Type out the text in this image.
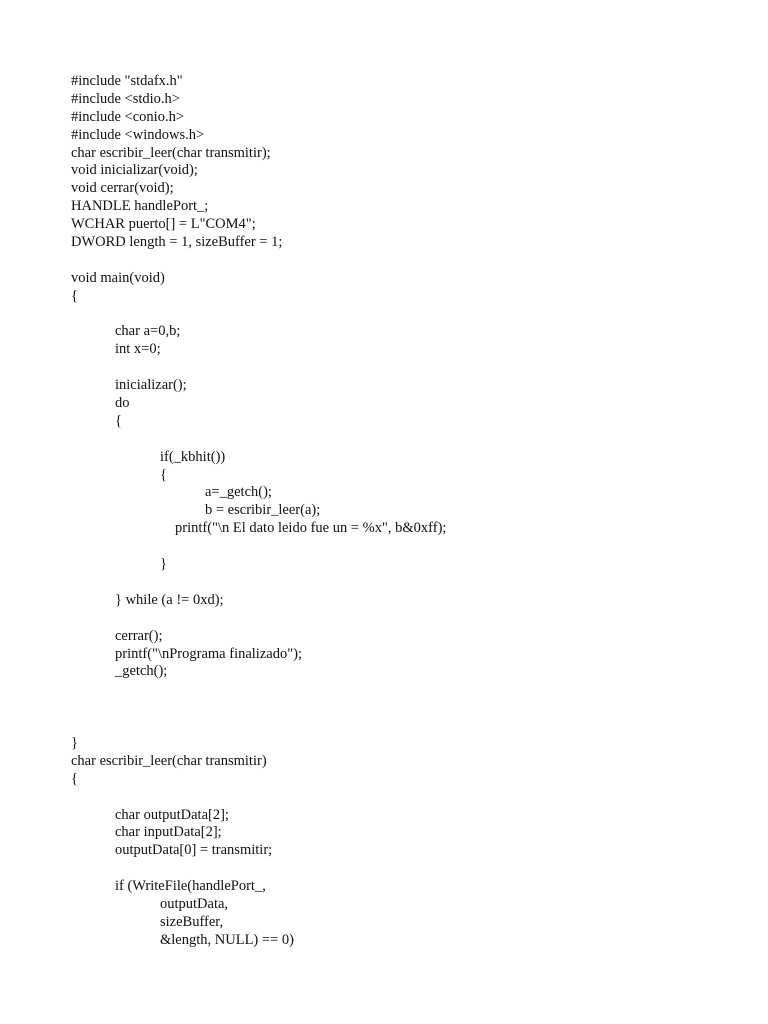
#include "stdafx.h"
#include <stdio.h>
#include <conio.h>
#include <windows.h>
char escribir_leer(char transmitir);
void inicializar(void);
void cerrar(void);
HANDLE handlePort_;
WCHAR puerto[] = L"COM4";
DWORD length = 1, sizeBuffer = 1;
void main(void)
{
char a=0,b;
int x=0;
inicializar();
do
{
if(_kbhit())
{
a=_getch();
b = escribir_leer(a);
printf("\n El dato leido fue un = %x", b&0xff);
}
} while (a != 0xd);
cerrar();
printf("\nPrograma finalizado");
_getch();
}
char escribir_leer(char transmitir)
{
char outputData[2];
char inputData[2];
outputData[0] = transmitir;
if (WriteFile(handlePort_,
outputData,
sizeBuffer,
&length, NULL) == 0)
